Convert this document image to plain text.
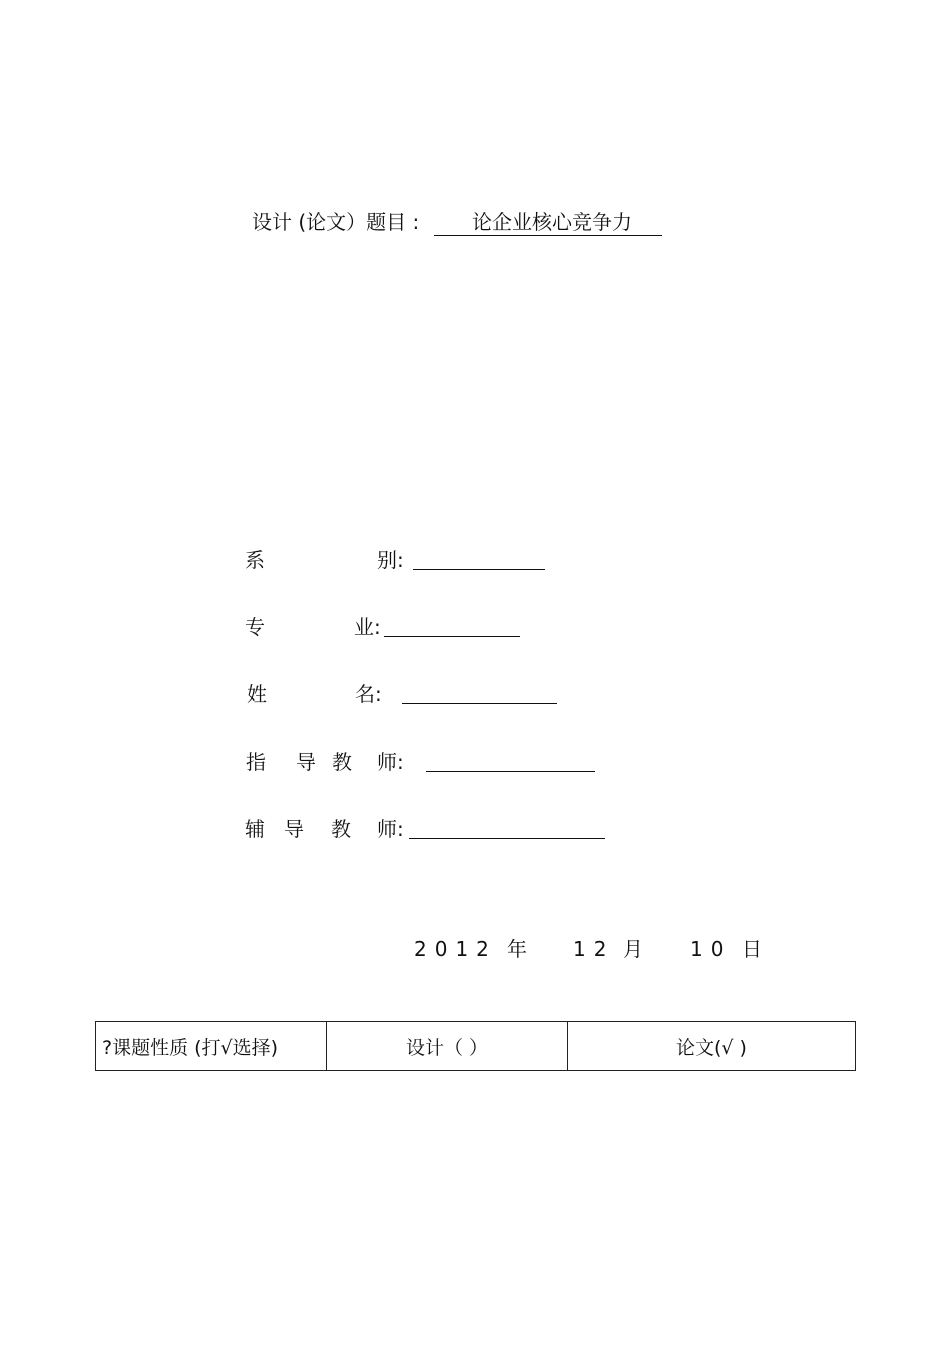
设计 (论文）题目 :	论企业核心竞争力
系	别:
专	业:
姓	名:
指 导 教 师:
辅 导 教 师:
2012 年 12 月 10 日
?课题性质 (打√选择)	设计（ ）	论文(√ )
